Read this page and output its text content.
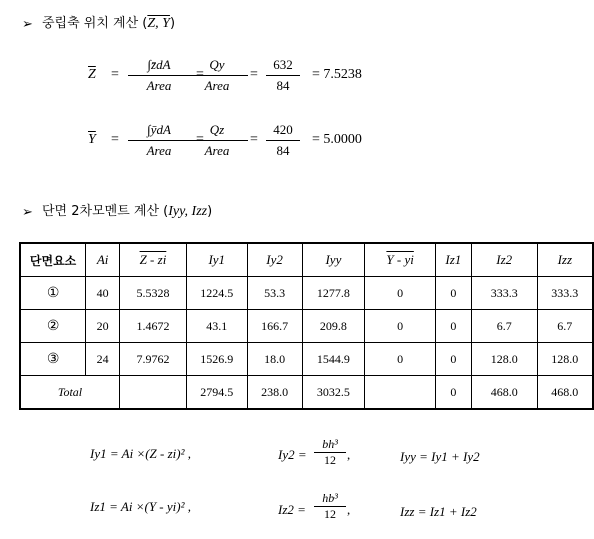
➢ 중립축 위치 계산 (Z, Y)
$\overline{Z}$ =
∫z̄dA
Area
=
Qy
Area
=
632
84
= 7.5238
$\overline{Y}$ =
∫ȳdA
Area
=
Qz
Area
=
420
84
= 5.0000
➢ 단면 2차모멘트 계산 (Iyy, Izz)
단면요소	Ai	Z - zi	Iy1	Iy2	Iyy	Y - yi	Iz1	Iz2	Izz
①	40	5.5328	1224.5	53.3	1277.8	0	0	333.3	333.3
②	20	1.4672	43.1	166.7	209.8	0	0	6.7	6.7
③	24	7.9762	1526.9	18.0	1544.9	0	0	128.0	128.0
Total			2794.5	238.0	3032.5		0	468.0	468.0
Iy1 = Ai ×(Z - zi)² ,	Iy2 =
bh³
12 ,	Iyy = Iy1 + Iy2
Iz1 = Ai ×(Y - yi)² ,	Iz2 =
hb³
12 ,	Izz = Iz1 + Iz2
